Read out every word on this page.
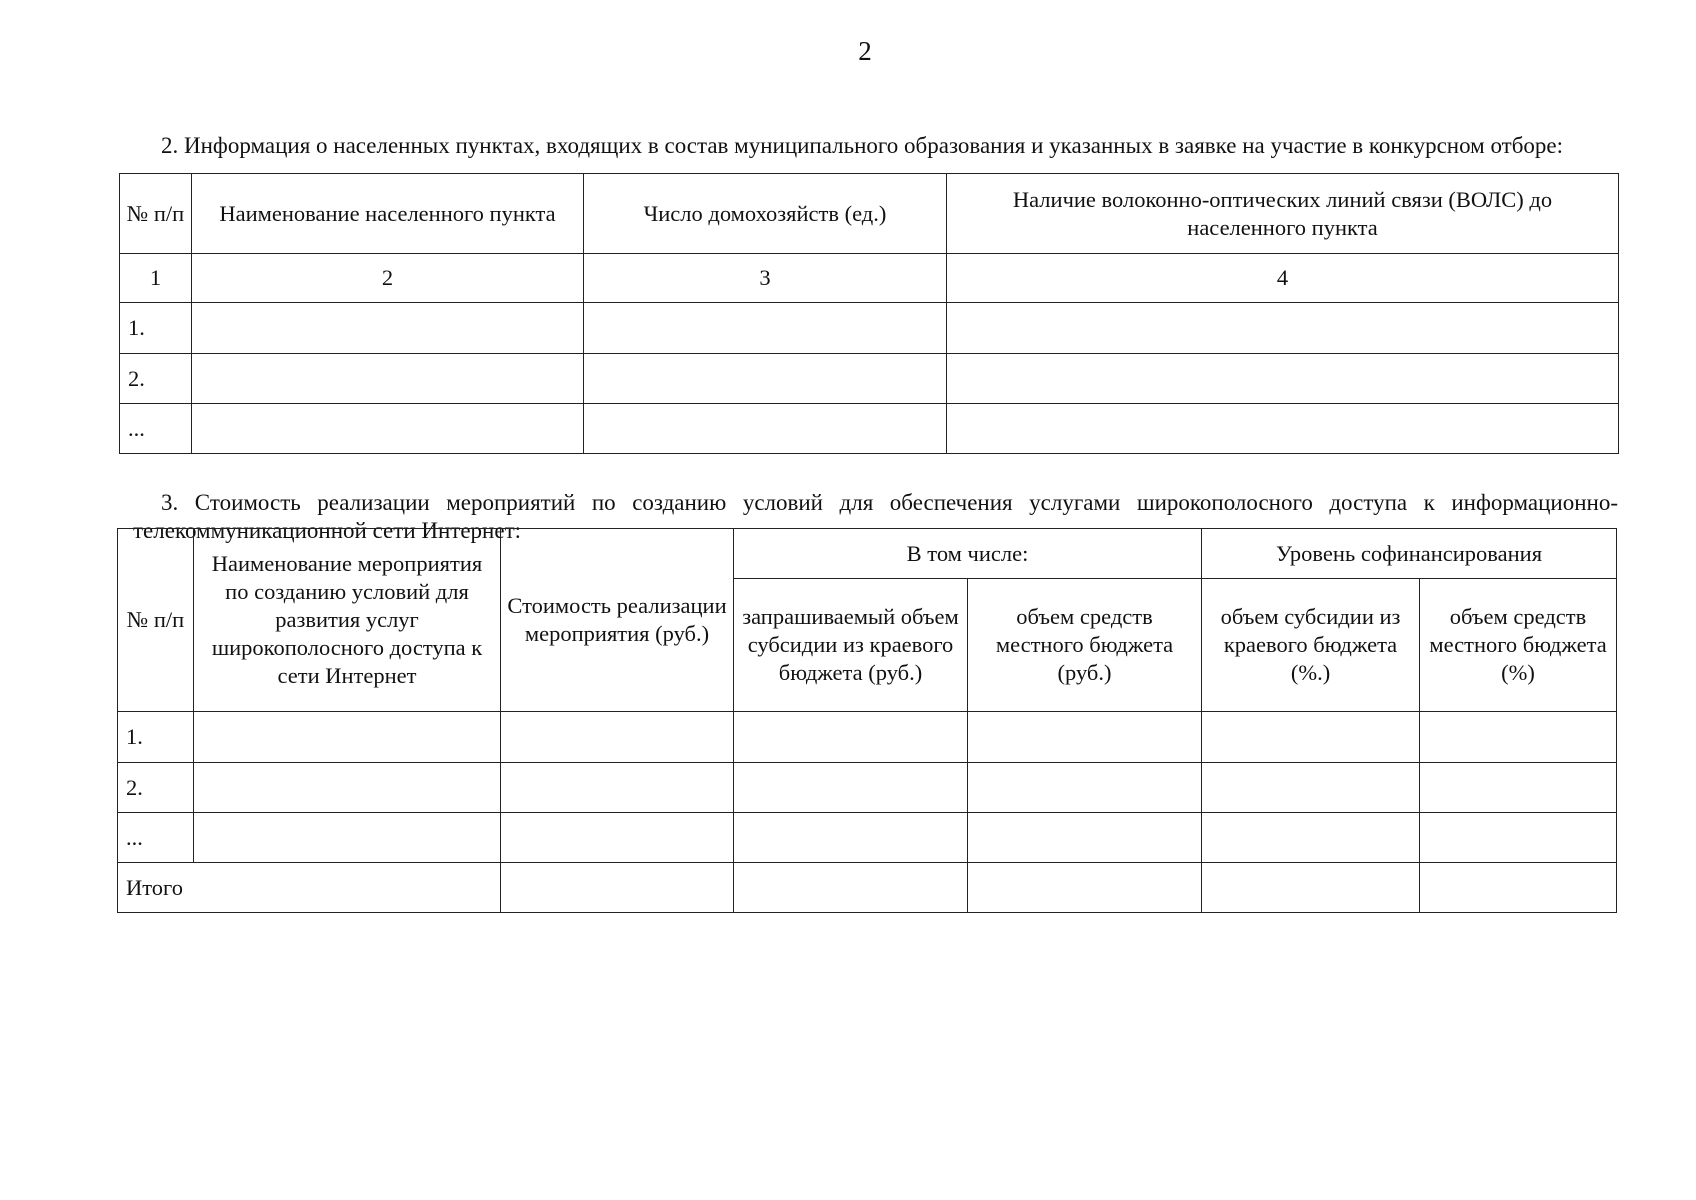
2

2. Информация о населенных пунктах, входящих в состав муниципального образования и указанных в заявке на участие в конкурсном отборе:

№ п/п	Наименование населенного пункта	Число домохозяйств (ед.)	Наличие волоконно-оптических линий связи (ВОЛС) до населенного пункта
1	2	3	4
1.			
2.			
...			

3. Стоимость реализации мероприятий по созданию условий для обеспечения услугами широкополосного доступа к информационно-телекоммуникационной сети Интернет:

№ п/п	Наименование мероприятия по созданию условий для развития услуг широкополосного доступа к сети Интернет	Стоимость реализации мероприятия (руб.)	В том числе:		Уровень софинансирования	
			запрашиваемый объем субсидии из краевого бюджета (руб.)	объем средств местного бюджета (руб.)	объем субсидии из краевого бюджета (%.)	объем средств местного бюджета (%)
1.						
2.						
...						
Итого						
